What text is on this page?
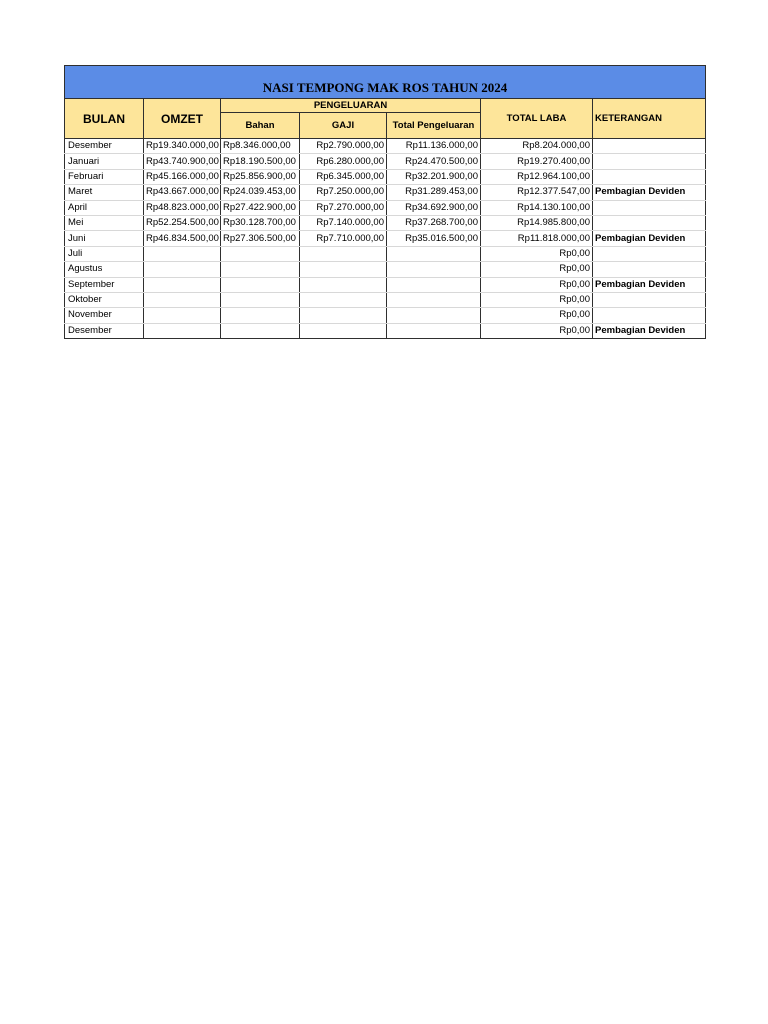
NASI TEMPONG MAK ROS TAHUN 2024						
BULAN	OMZET	PENGELUARAN			TOTAL LABA	KETERANGAN
		Bahan	GAJI	Total Pengeluaran		
Desember	Rp19.340.000,00	Rp8.346.000,00	Rp2.790.000,00	Rp11.136.000,00	Rp8.204.000,00	
Januari	Rp43.740.900,00	Rp18.190.500,00	Rp6.280.000,00	Rp24.470.500,00	Rp19.270.400,00	
Februari	Rp45.166.000,00	Rp25.856.900,00	Rp6.345.000,00	Rp32.201.900,00	Rp12.964.100,00	
Maret	Rp43.667.000,00	Rp24.039.453,00	Rp7.250.000,00	Rp31.289.453,00	Rp12.377.547,00	Pembagian Deviden
April	Rp48.823.000,00	Rp27.422.900,00	Rp7.270.000,00	Rp34.692.900,00	Rp14.130.100,00	
Mei	Rp52.254.500,00	Rp30.128.700,00	Rp7.140.000,00	Rp37.268.700,00	Rp14.985.800,00	
Juni	Rp46.834.500,00	Rp27.306.500,00	Rp7.710.000,00	Rp35.016.500,00	Rp11.818.000,00	Pembagian Deviden
Juli					Rp0,00	
Agustus					Rp0,00	
September					Rp0,00	Pembagian Deviden
Oktober					Rp0,00	
November					Rp0,00	
Desember					Rp0,00	Pembagian Deviden
